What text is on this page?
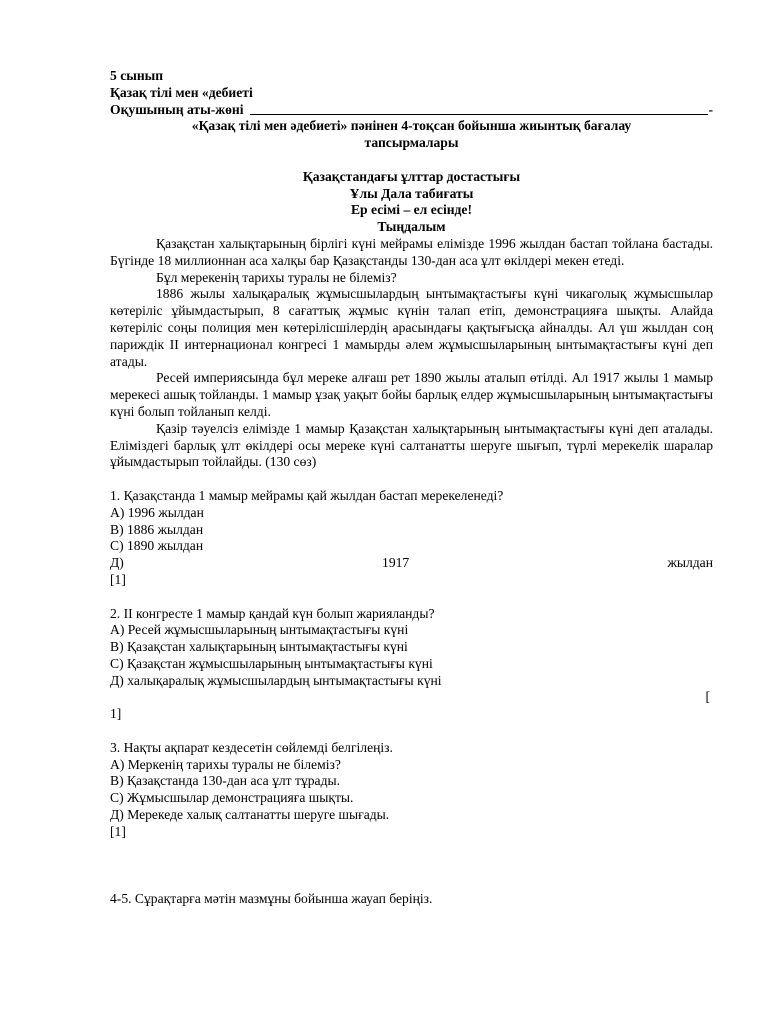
5 сынып
Қазақ тілі мен «дебиеті
Оқушының аты-жөні	-
«Қазақ тілі мен әдебиеті» пәнінен 4-тоқсан бойынша жиынтық бағалау
тапсырмалары
Қазақстандағы ұлттар достастығы
Ұлы Дала табиғаты
Ер есімі – ел есінде!
Тыңдалым

Қазақстан халықтарының бірлігі күні мейрамы елімізде 1996 жылдан бастап тойлана бастады. Бүгінде 18 миллионнан аса халқы бар Қазақстанды 130-дан аса ұлт өкілдері мекен етеді.

Бұл мерекенің тарихы туралы не білеміз?

1886 жылы халықаралық жұмысшылардың ынтымақтастығы күні чикаголық жұмысшылар көтеріліс ұйымдастырып, 8 сағаттық жұмыс күнін талап етіп, демонстрацияға шықты. Алайда көтеріліс соңы полиция мен көтерілісшілердің арасындағы қақтығысқа айналды. Ал үш жылдан соң париждік ІІ интернационал конгресі 1 мамырды әлем жұмысшыларының ынтымақтастығы күні деп атады.

Ресей империясында бұл мереке алғаш рет 1890 жылы аталып өтілді. Ал 1917 жылы 1 мамыр мерекесі ашық тойланды. 1 мамыр ұзақ уақыт бойы барлық елдер жұмысшыларының ынтымақтастығы күні болып тойланып келді.

Қазір тәуелсіз елімізде 1 мамыр Қазақстан халықтарының ынтымақтастығы күні деп аталады. Еліміздегі барлық ұлт өкілдері осы мереке күні салтанатты шеруге шығып, түрлі мерекелік шаралар ұйымдастырып тойлайды. (130 сөз)

1. Қазақстанда 1 мамыр мейрамы қай жылдан бастап мерекеленеді?
А) 1996 жылдан
В) 1886 жылдан
С) 1890 жылдан
Д)	1917	жылдан
[1]
2. ІІ конгресте 1 мамыр қандай күн болып жарияланды?
А) Ресей жұмысшыларының ынтымақтастығы күні
В) Қазақстан халықтарының ынтымақтастығы күні
С) Қазақстан жұмысшыларының ынтымақтастығы күні
Д) халықаралық жұмысшылардың ынтымақтастығы күні
[
1]
3. Нақты ақпарат кездесетін сөйлемді белгілеңіз.
А) Меркенің тарихы туралы не білеміз?
В) Қазақстанда 130-дан аса ұлт тұрады.
С) Жұмысшылар демонстрацияға шықты.
Д) Мерекеде халық салтанатты шеруге шығады.
[1]
4-5. Сұрақтарға мәтін мазмұны бойынша жауап беріңіз.
